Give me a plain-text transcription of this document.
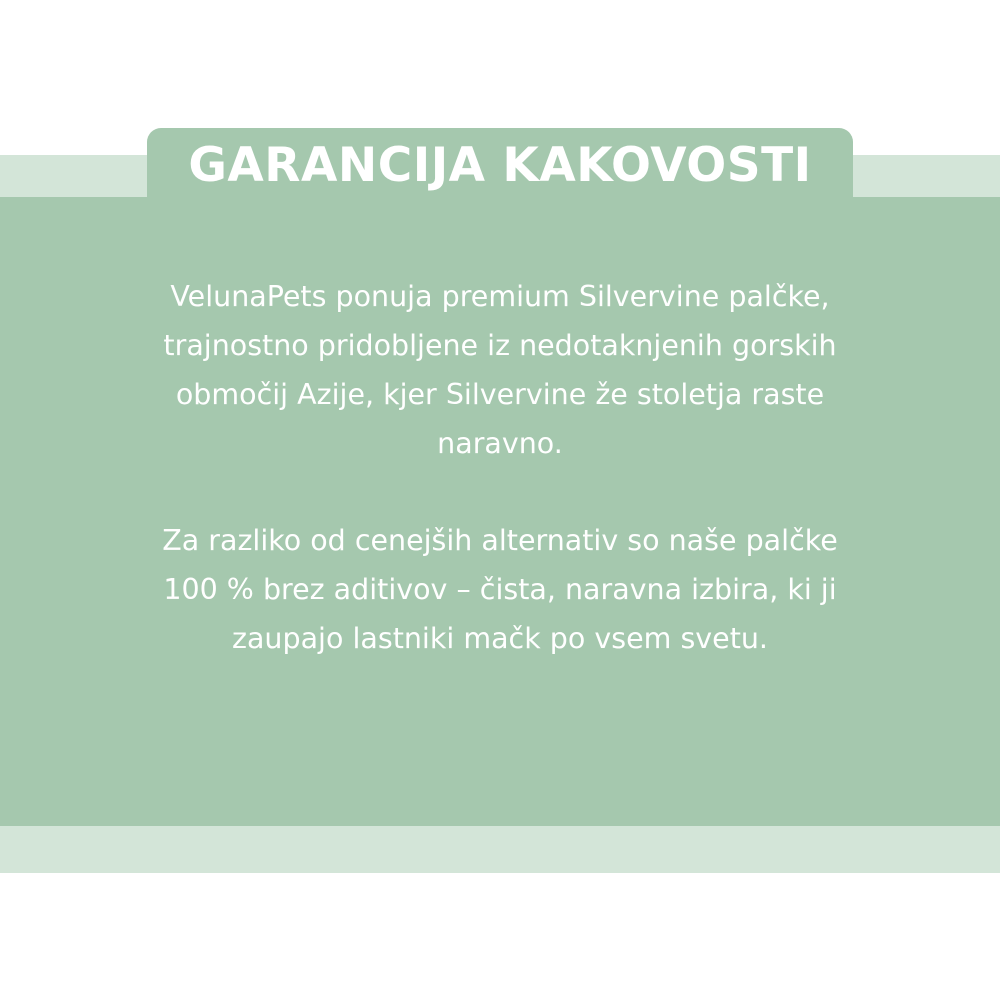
GARANCIJA KAKOVOSTI

VelunaPets ponuja premium Silvervine palčke,
trajnostno pridobljene iz nedotaknjenih gorskih
območij Azije, kjer Silvervine že stoletja raste
naravno.

Za razliko od cenejših alternativ so naše palčke
100 % brez aditivov – čista, naravna izbira, ki ji
zaupajo lastniki mačk po vsem svetu.
